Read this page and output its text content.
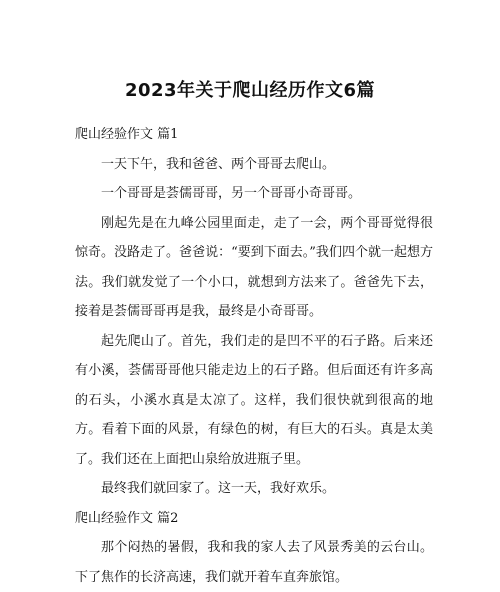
2023年关于爬山经历作文6篇
爬山经验作文 篇1

一天下午，我和爸爸、两个哥哥去爬山。

一个哥哥是荟儒哥哥，另一个哥哥小奇哥哥。

刚起先是在九峰公园里面走，走了一会，两个哥哥觉得很惊奇。没路走了。爸爸说：“要到下面去。”我们四个就一起想方法。我们就发觉了一个小口，就想到方法来了。爸爸先下去，接着是荟儒哥哥再是我，最终是小奇哥哥。

起先爬山了。首先，我们走的是凹不平的石子路。后来还有小溪，荟儒哥哥他只能走边上的石子路。但后面还有许多高的石头，小溪水真是太凉了。这样，我们很快就到很高的地方。看着下面的风景，有绿色的树，有巨大的石头。真是太美了。我们还在上面把山泉给放进瓶子里。

最终我们就回家了。这一天，我好欢乐。

爬山经验作文 篇2

那个闷热的暑假，我和我的家人去了风景秀美的云台山。下了焦作的长济高速，我们就开着车直奔旅馆。
